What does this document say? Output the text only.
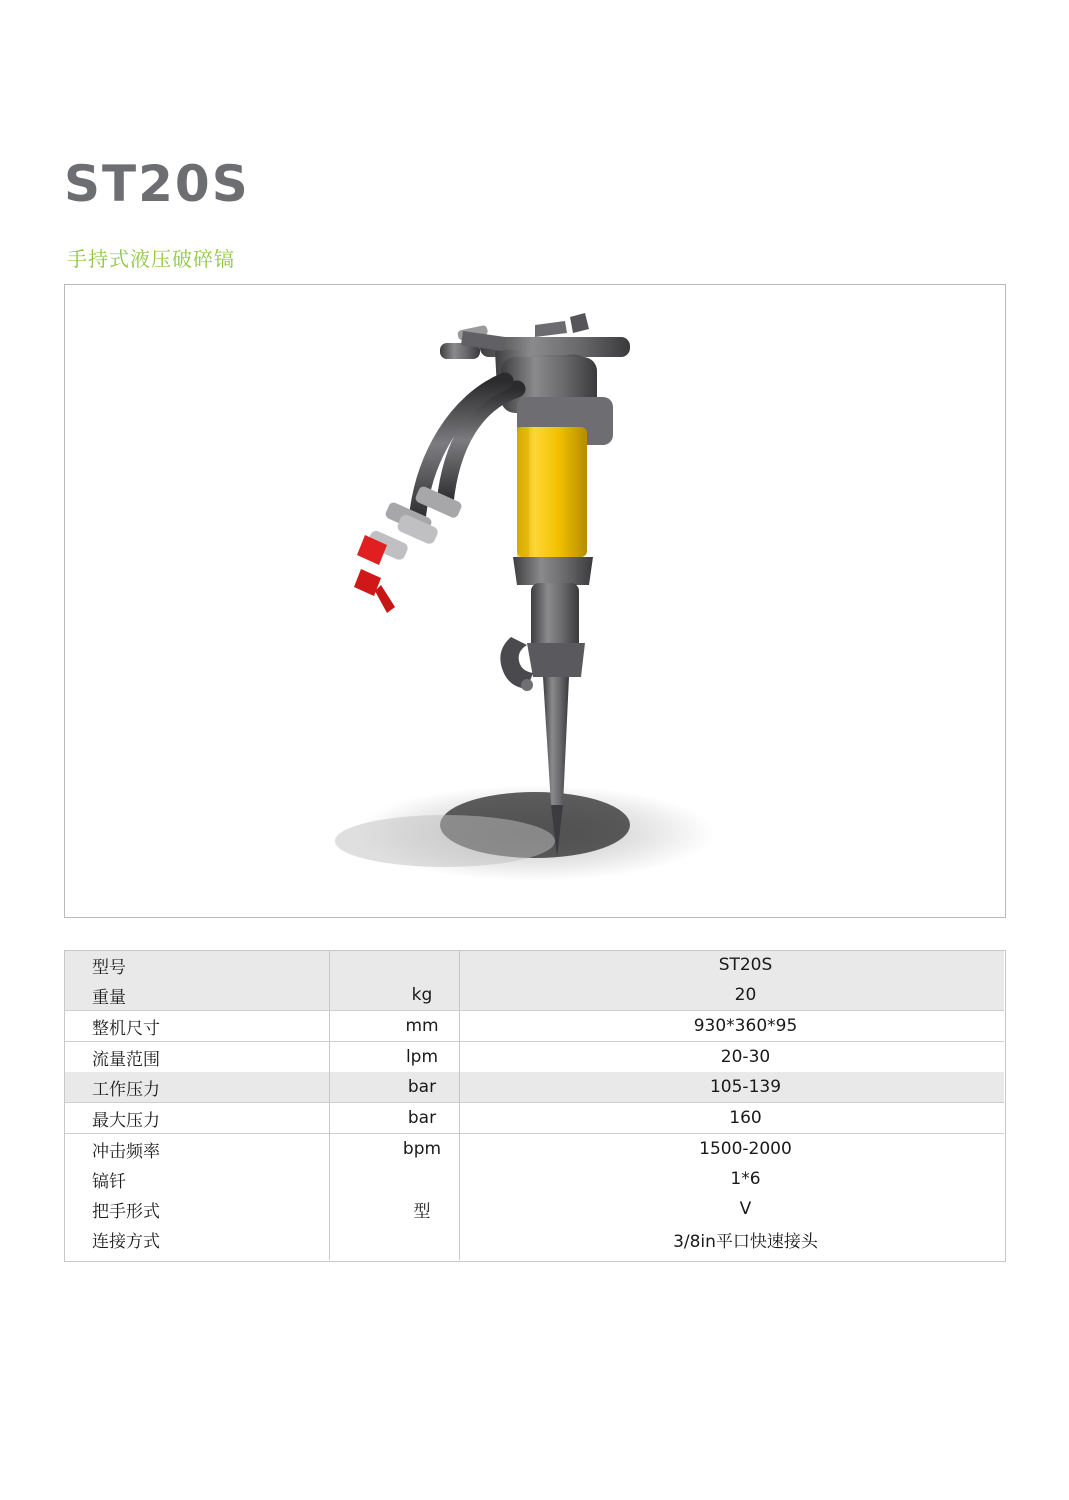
ST20S
手持式液压破碎镐
型号		ST20S
重量	kg	20
整机尺寸	mm	930*360*95
流量范围	lpm	20-30
工作压力	bar	105-139
最大压力	bar	160
冲击频率	bpm	1500-2000
镐钎		1*6
把手形式	型	V
连接方式		3/8in平口快速接头
